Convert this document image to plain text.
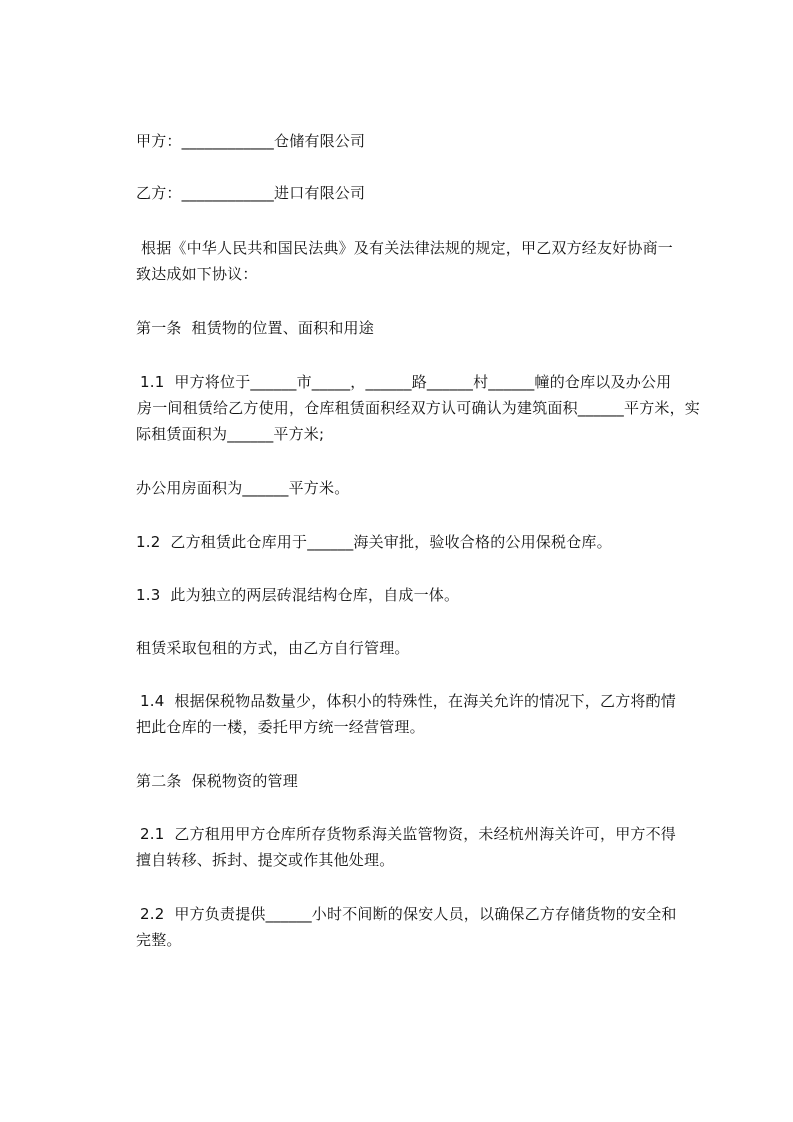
甲方：____________仓储有限公司
乙方：____________进口有限公司
根据《中华人民共和国民法典》及有关法律法规的规定，甲乙双方经友好协商一
致达成如下协议：
第一条  租赁物的位置、面积和用途
1.1  甲方将位于______市_____，______路______村______幢的仓库以及办公用
房一间租赁给乙方使用，仓库租赁面积经双方认可确认为建筑面积______平方米，实
际租赁面积为______平方米;
办公用房面积为______平方米。
1.2  乙方租赁此仓库用于______海关审批，验收合格的公用保税仓库。
1.3  此为独立的两层砖混结构仓库，自成一体。
租赁采取包租的方式，由乙方自行管理。
1.4  根据保税物品数量少，体积小的特殊性，在海关允许的情况下，乙方将酌情
把此仓库的一楼，委托甲方统一经营管理。
第二条  保税物资的管理
2.1  乙方租用甲方仓库所存货物系海关监管物资，未经杭州海关许可，甲方不得
擅自转移、拆封、提交或作其他处理。
2.2  甲方负责提供______小时不间断的保安人员，以确保乙方存储货物的安全和
完整。
